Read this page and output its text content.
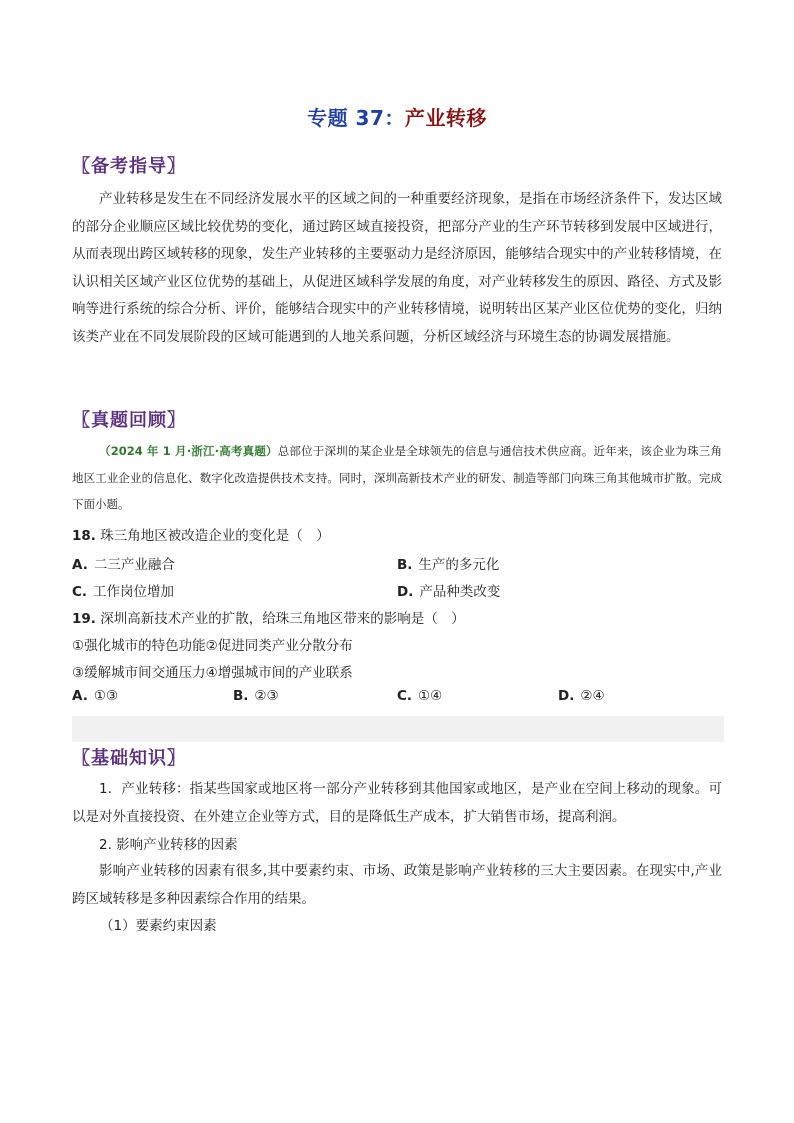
专题 37：产业转移
〖备考指导〗
产业转移是发生在不同经济发展水平的区域之间的一种重要经济现象，是指在市场经济条件下，发达区域的部分企业顺应区域比较优势的变化，通过跨区域直接投资，把部分产业的生产环节转移到发展中区域进行，从而表现出跨区域转移的现象，发生产业转移的主要驱动力是经济原因，能够结合现实中的产业转移情境，在认识相关区域产业区位优势的基础上，从促进区域科学发展的角度，对产业转移发生的原因、路径、方式及影响等进行系统的综合分析、评价，能够结合现实中的产业转移情境，说明转出区某产业区位优势的变化，归纳该类产业在不同发展阶段的区域可能遇到的人地关系问题，分析区域经济与环境生态的协调发展措施。
〖真题回顾〗
（2024 年 1 月·浙江·高考真题）总部位于深圳的某企业是全球领先的信息与通信技术供应商。近年来，该企业为珠三角地区工业企业的信息化、数字化改造提供技术支持。同时，深圳高新技术产业的研发、制造等部门向珠三角其他城市扩散。完成下面小题。
18. 珠三角地区被改造企业的变化是（　）
A. 二三产业融合	B. 生产的多元化
C. 工作岗位增加	D. 产品种类改变
19. 深圳高新技术产业的扩散，给珠三角地区带来的影响是（　）
①强化城市的特色功能②促进同类产业分散分布
③缓解城市间交通压力④增强城市间的产业联系
A. ①③	B. ②③	C. ①④	D. ②④
〖基础知识〗
1．产业转移：指某些国家或地区将一部分产业转移到其他国家或地区，是产业在空间上移动的现象。可以是对外直接投资、在外建立企业等方式，目的是降低生产成本，扩大销售市场，提高利润。
2. 影响产业转移的因素
影响产业转移的因素有很多,其中要素约束、市场、政策是影响产业转移的三大主要因素。在现实中,产业跨区域转移是多种因素综合作用的结果。
（1）要素约束因素
